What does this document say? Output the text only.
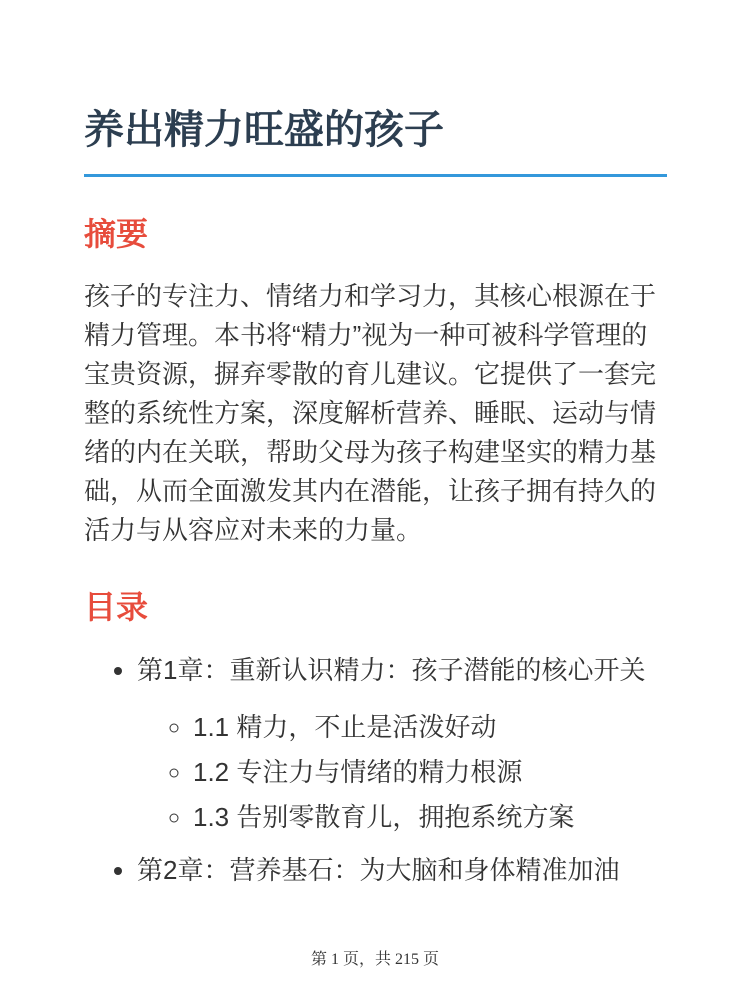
养出精力旺盛的孩子
摘要

孩子的专注力、情绪力和学习力，其核心根源在于精力管理。本书将“精力”视为一种可被科学管理的宝贵资源，摒弃零散的育儿建议。它提供了一套完整的系统性方案，深度解析营养、睡眠、运动与情绪的内在关联，帮助父母为孩子构建坚实的精力基础，从而全面激发其内在潜能，让孩子拥有持久的活力与从容应对未来的力量。

目录
• 第1章：重新认识精力：孩子潜能的核心开关
◦ 1.1 精力，不止是活泼好动
◦ 1.2 专注力与情绪的精力根源
◦ 1.3 告别零散育儿，拥抱系统方案
• 第2章：营养基石：为大脑和身体精准加油
第 1 页，共 215 页
